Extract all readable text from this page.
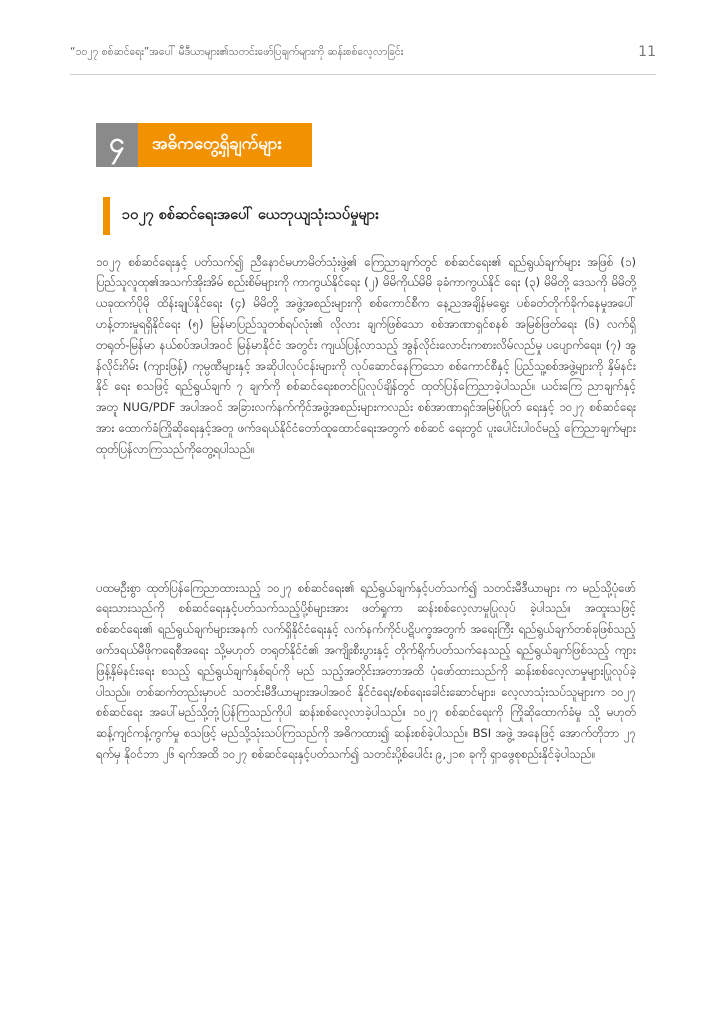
“၁၀၂၇ စစ်ဆင်ရေး”အပေါ် မီဒီယာများ၏သတင်းဖော်ပြချက်များကို ဆန်းစစ်လေ့လာခြင်း	11
၄	အဓိကတွေ့ရှိချက်များ
၁၀၂၇ စစ်ဆင်ရေးအပေါ် ယေဘုယျသုံးသပ်မှုများ

၁၀၂၇ စစ်ဆင်ရေးနှင့် ပတ်သက်၍ ညီနောင်မဟာမိတ်သုံးဖွဲ့၏ ကြေညာချက်တွင် စစ်ဆင်ရေး၏ ရည်ရွယ်ချက်များ အဖြစ် (၁) ပြည်သူလူထု၏အသက်အိုးအိမ် စည်းစိမ်များကို ကာကွယ်နိုင်ရေး (၂) မိမိကိုယ်မိမိ ခုခံကာကွယ်နိုင် ရေး (၃) မိမိတို့ ဒေသကို မိမိတို့ ယခုထက်ပိုမို ထိန်းချုပ်နိုင်ရေး (၄) မိမိတို့ အဖွဲ့အစည်းများကို စစ်ကောင်စီက နေ့ညအချိန်မရွေး ပစ်ခတ်တိုက်ခိုက်နေမှုအပေါ် ဟန့်တားမှုရရှိနိုင်ရေး (၅) မြန်မာပြည်သူတစ်ရပ်လုံး၏ လိုလား ချက်ဖြစ်သော စစ်အာဏာရှင်စနစ် အမြစ်ဖြတ်ရေး (၆) လက်ရှိ တရုတ်-မြန်မာ နယ်စပ်အပါအဝင် မြန်မာနိုင်ငံ အတွင်း ကျယ်ပြန့်လာသည့် အွန်လိုင်းလောင်းကစားလိမ်လည်မှု ပပျောက်ရေး၊ (၇) အွန်လိုင်းဂိမ်း (ကျားဖြန့်) ကုမ္ပဏီများနှင့် အဆိုပါလုပ်ငန်းများကို လုပ်ဆောင်နေကြသော စစ်ကောင်စီနှင့် ပြည်သူ့စစ်အဖွဲ့များကို နှိမ်နင်းနိုင် ရေး စသဖြင့် ရည်ရွယ်ချက် ၇ ချက်ကို စစ်ဆင်ရေးစတင်ပြုလုပ်ချိန်တွင် ထုတ်ပြန်ကြေညာခဲ့ပါသည်။ ယင်းကြေ ညာချက်နှင့်အတူ NUG/PDF အပါအဝင် အခြားလက်နက်ကိုင်အဖွဲ့အစည်းများကလည်း စစ်အာဏာရှင်အမြစ်ပြုတ် ရေးနှင့် ၁၀၂၇ စစ်ဆင်ရေးအား ထောက်ခံကြိုဆိုရေးနှင့်အတူ ဖက်ဒရယ်နိုင်ငံတော်ထူထောင်ရေးအတွက် စစ်ဆင် ရေးတွင် ပူးပေါင်းပါဝင်မည့် ကြေညာချက်များ ထုတ်ပြန်လာကြသည်ကိုတွေ့ရပါသည်။

ပထမဦးစွာ ထုတ်ပြန်ကြေညာထားသည့် ၁၀၂၇ စစ်ဆင်ရေး၏ ရည်ရွယ်ချက်နှင့်ပတ်သက်၍ သတင်းမီဒီယာများ က မည်သို့ပုံဖော်ရေးသားသည်ကို စစ်ဆင်ရေးနှင့်ပတ်သက်သည့်ပို့စ်များအား ဖတ်ရှုကာ ဆန်းစစ်လေ့လာမှုပြုလုပ် ခဲ့ပါသည်။ အထူးသဖြင့် စစ်ဆင်ရေး၏ ရည်ရွယ်ချက်များအနက် လက်ရှိနိုင်ငံရေးနှင့် လက်နက်ကိုင်ပဋိပက္ခအတွက် အရေးကြီး ရည်ရွယ်ချက်တစ်ခုဖြစ်သည့် ဖက်ဒရယ်မီဖိုကရေစီအရေး သို့မဟုတ် တရုတ်နိုင်ငံ၏ အကျိုးစီးပွားနှင့် တိုက်ရိုက်ပတ်သက်နေသည့် ရည်ရွယ်ချက်ဖြစ်သည့် ကျားဖြန့်နှိမ်နင်းရေး စသည့် ရည်ရွယ်ချက်နှစ်ရပ်ကို မည် သည့်အတိုင်းအတာအထိ ပုံဖော်ထားသည်ကို ဆန်းစစ်လေ့လာမှုများပြုလုပ်ခဲ့ပါသည်။ တစ်ဆက်တည်းမှာပင် သတင်းမီဒီယာများအပါအဝင် နိုင်ငံရေး/စစ်ရေးခေါင်းဆောင်များ၊ လေ့လာသုံးသပ်သူများက ၁၀၂၇ စစ်ဆင်ရေး အပေါ်မည်သို့တုံ့ပြန်ကြသည်ကိုပါ ဆန်းစစ်လေ့လာခဲ့ပါသည်။ ၁၀၂၇ စစ်ဆင်ရေးကို ကြိုဆိုထောက်ခံမှု သို့ မဟုတ် ဆန့်ကျင်ကန့်ကွက်မှု စသဖြင့် မည်သို့သုံးသပ်ကြသည်ကို အဓိကထား၍ ဆန်းစစ်ခဲ့ပါသည်။ BSI အဖွဲ့ အနေဖြင့် အောက်တိုဘာ ၂၇ ရက်မှ နိုဝင်ဘာ ၂၆ ရက်အထိ ၁၀၂၇ စစ်ဆင်ရေးနှင့်ပတ်သက်၍ သတင်းပို့စ်ပေါင်း ၉,၂၁၈ ခုကို ရှာဖွေစုစည်းနိုင်ခဲ့ပါသည်။
